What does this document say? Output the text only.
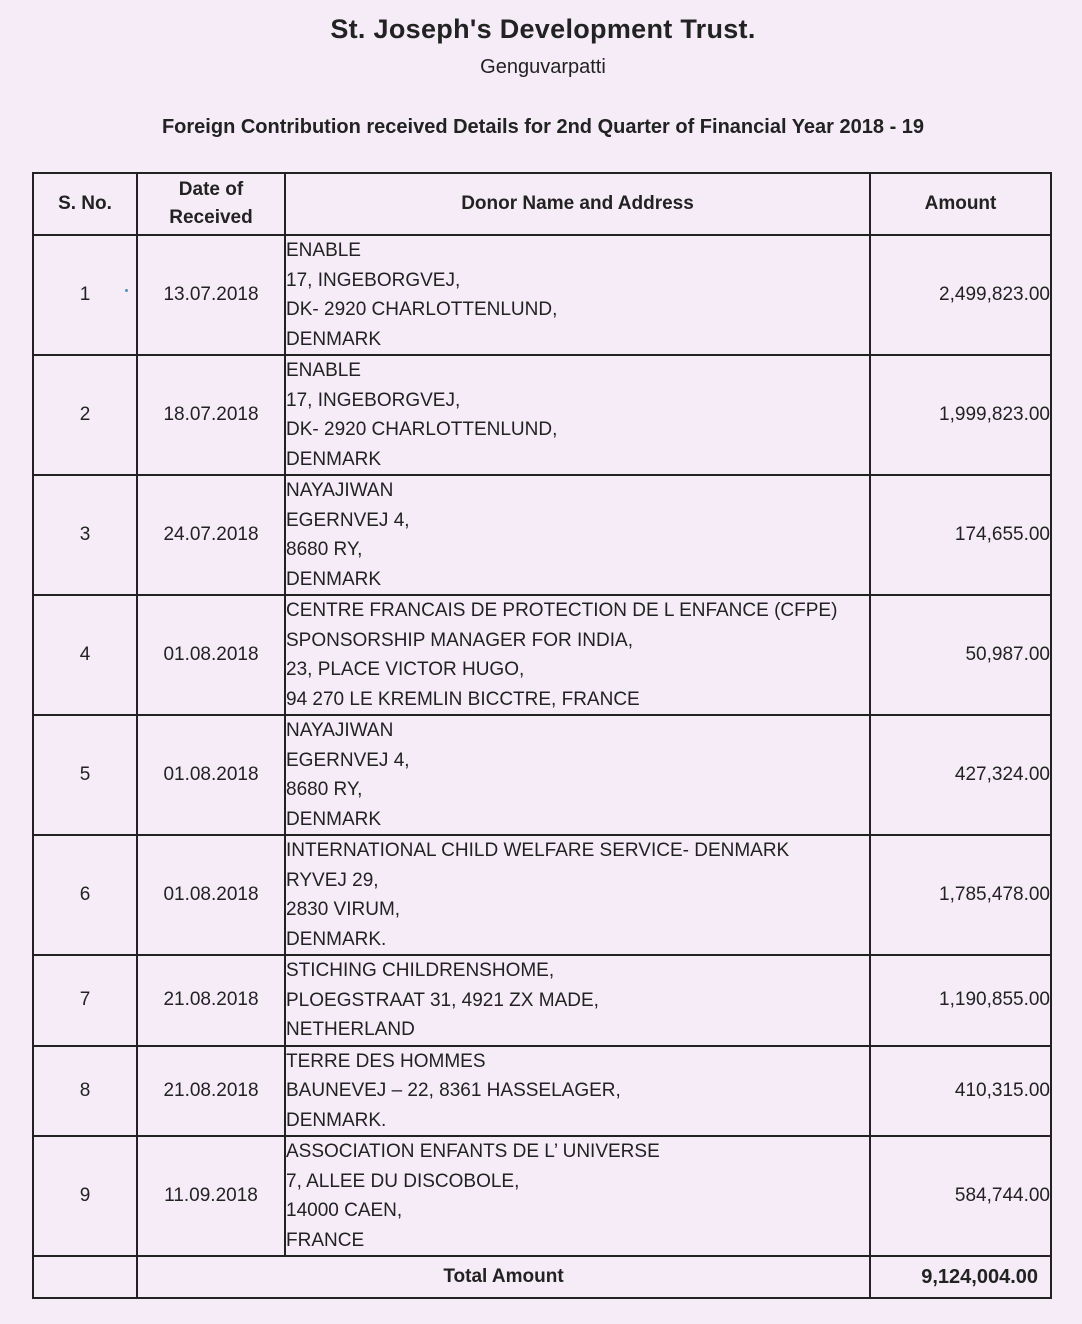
St. Joseph's Development Trust.
Genguvarpatti
Foreign Contribution received Details for 2nd Quarter of Financial Year 2018 - 19
S. No.	Date of Received	Donor Name and Address	Amount
1	13.07.2018	ENABLE
17, INGEBORGVEJ,
DK- 2920 CHARLOTTENLUND,
DENMARK	2,499,823.00
2	18.07.2018	ENABLE
17, INGEBORGVEJ,
DK- 2920 CHARLOTTENLUND,
DENMARK	1,999,823.00
3	24.07.2018	NAYAJIWAN
EGERNVEJ 4,
8680 RY,
DENMARK	174,655.00
4	01.08.2018	CENTRE FRANCAIS DE PROTECTION DE L ENFANCE (CFPE)
SPONSORSHIP MANAGER FOR INDIA,
23, PLACE VICTOR HUGO,
94 270 LE KREMLIN BICCTRE, FRANCE	50,987.00
5	01.08.2018	NAYAJIWAN
EGERNVEJ 4,
8680 RY,
DENMARK	427,324.00
6	01.08.2018	INTERNATIONAL CHILD WELFARE SERVICE- DENMARK
RYVEJ 29,
2830 VIRUM,
DENMARK.	1,785,478.00
7	21.08.2018	STICHING CHILDRENSHOME,
PLOEGSTRAAT 31, 4921 ZX MADE,
NETHERLAND	1,190,855.00
8	21.08.2018	TERRE DES HOMMES
BAUNEVEJ – 22, 8361 HASSELAGER,
DENMARK.	410,315.00
9	11.09.2018	ASSOCIATION ENFANTS DE L’ UNIVERSE
7, ALLEE DU DISCOBOLE,
14000 CAEN,
FRANCE	584,744.00
	Total Amount		9,124,004.00
